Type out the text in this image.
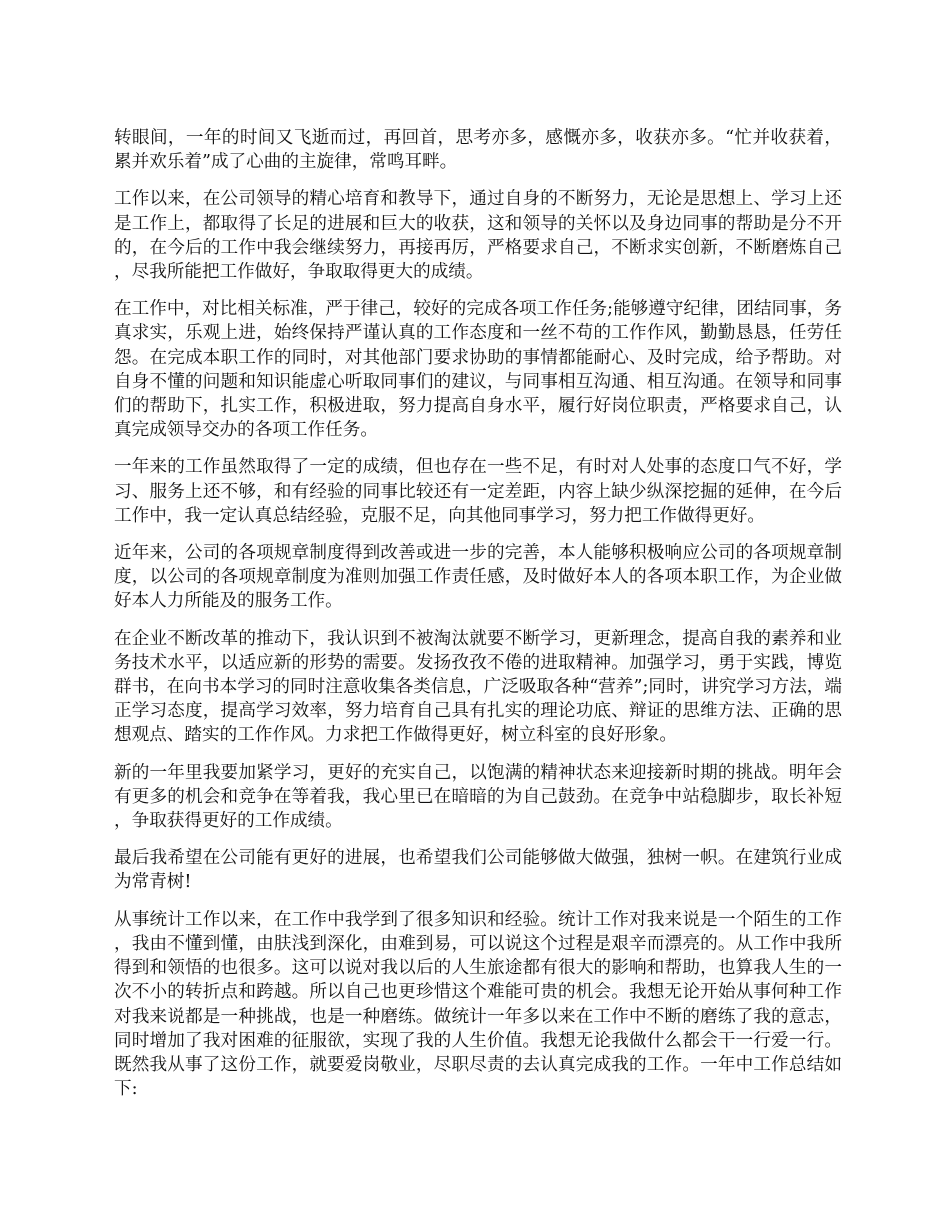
转眼间，一年的时间又飞逝而过，再回首，思考亦多，感慨亦多，收获亦多。“忙并收获着，累并欢乐着”成了心曲的主旋律，常鸣耳畔。

工作以来，在公司领导的精心培育和教导下，通过自身的不断努力，无论是思想上、学习上还是工作上，都取得了长足的进展和巨大的收获，这和领导的关怀以及身边同事的帮助是分不开的，在今后的工作中我会继续努力，再接再厉，严格要求自己，不断求实创新，不断磨炼自己，尽我所能把工作做好，争取取得更大的成绩。

在工作中，对比相关标准，严于律己，较好的完成各项工作任务;能够遵守纪律，团结同事，务真求实，乐观上进，始终保持严谨认真的工作态度和一丝不苟的工作作风，勤勤恳恳，任劳任怨。在完成本职工作的同时，对其他部门要求协助的事情都能耐心、及时完成，给予帮助。对自身不懂的问题和知识能虚心听取同事们的建议，与同事相互沟通、相互沟通。在领导和同事们的帮助下，扎实工作，积极进取，努力提高自身水平，履行好岗位职责，严格要求自己，认真完成领导交办的各项工作任务。

一年来的工作虽然取得了一定的成绩，但也存在一些不足，有时对人处事的态度口气不好，学习、服务上还不够，和有经验的同事比较还有一定差距，内容上缺少纵深挖掘的延伸，在今后工作中，我一定认真总结经验，克服不足，向其他同事学习，努力把工作做得更好。

近年来，公司的各项规章制度得到改善或进一步的完善，本人能够积极响应公司的各项规章制度，以公司的各项规章制度为准则加强工作责任感，及时做好本人的各项本职工作，为企业做好本人力所能及的服务工作。

在企业不断改革的推动下，我认识到不被淘汰就要不断学习，更新理念，提高自我的素养和业务技术水平，以适应新的形势的需要。发扬孜孜不倦的进取精神。加强学习，勇于实践，博览群书，在向书本学习的同时注意收集各类信息，广泛吸取各种“营养”;同时，讲究学习方法，端正学习态度，提高学习效率，努力培育自己具有扎实的理论功底、辩证的思维方法、正确的思想观点、踏实的工作作风。力求把工作做得更好，树立科室的良好形象。

新的一年里我要加紧学习，更好的充实自己，以饱满的精神状态来迎接新时期的挑战。明年会有更多的机会和竞争在等着我，我心里已在暗暗的为自己鼓劲。在竞争中站稳脚步，取长补短，争取获得更好的工作成绩。

最后我希望在公司能有更好的进展，也希望我们公司能够做大做强，独树一帜。在建筑行业成为常青树!

从事统计工作以来，在工作中我学到了很多知识和经验。统计工作对我来说是一个陌生的工作，我由不懂到懂，由肤浅到深化，由难到易，可以说这个过程是艰辛而漂亮的。从工作中我所得到和领悟的也很多。这可以说对我以后的人生旅途都有很大的影响和帮助，也算我人生的一次不小的转折点和跨越。所以自己也更珍惜这个难能可贵的机会。我想无论开始从事何种工作对我来说都是一种挑战，也是一种磨练。做统计一年多以来在工作中不断的磨练了我的意志，同时增加了我对困难的征服欲，实现了我的人生价值。我想无论我做什么都会干一行爱一行。既然我从事了这份工作，就要爱岗敬业，尽职尽责的去认真完成我的工作。一年中工作总结如下:
